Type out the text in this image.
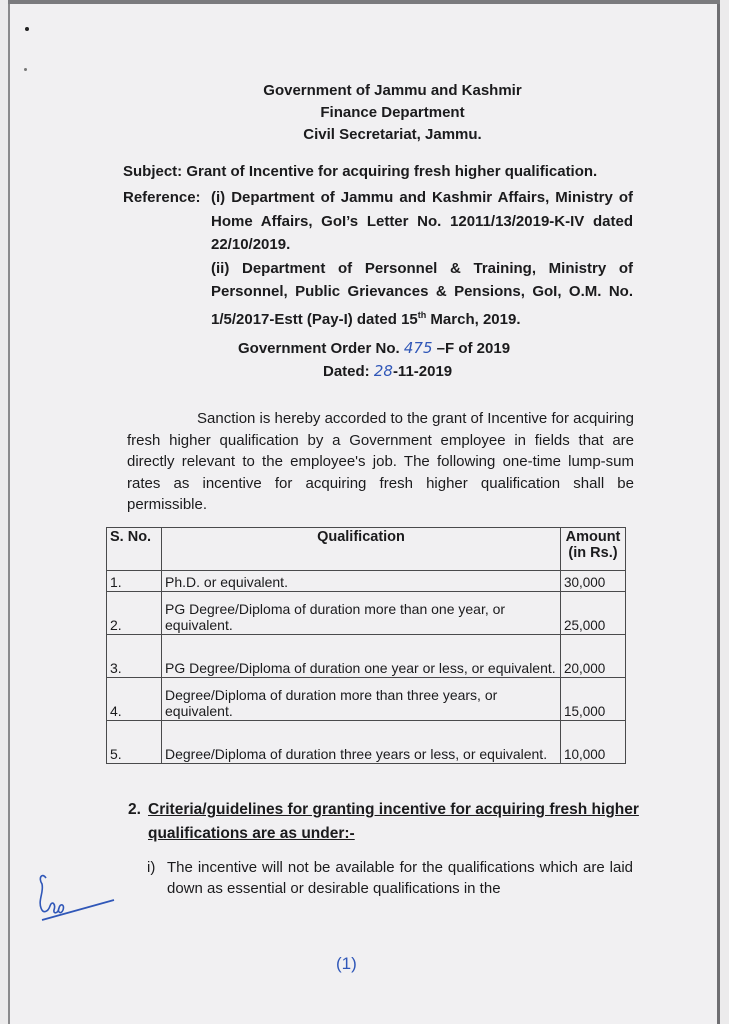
Government of Jammu and Kashmir
Finance Department
Civil Secretariat, Jammu.
Subject: Grant of Incentive for acquiring fresh higher qualification.
Reference: (i) Department of Jammu and Kashmir Affairs, Ministry of Home Affairs, GoI’s Letter No. 12011/13/2019-K-IV dated 22/10/2019.
(ii) Department of Personnel & Training, Ministry of Personnel, Public Grievances & Pensions, GoI, O.M. No. 1/5/2017-Estt (Pay-I) dated 15th March, 2019.
Government Order No. 475 –F of 2019
Dated: 28-11-2019
Sanction is hereby accorded to the grant of Incentive for acquiring fresh higher qualification by a Government employee in fields that are directly relevant to the employee's job. The following one-time lump-sum rates as incentive for acquiring fresh higher qualification shall be permissible.
S. No.	Qualification	Amount (in Rs.)
1.	Ph.D. or equivalent.	30,000
2.	PG Degree/Diploma of duration more than one year, or equivalent.	25,000
3.	PG Degree/Diploma of duration one year or less, or equivalent.	20,000
4.	Degree/Diploma of duration more than three years, or equivalent.	15,000
5.	Degree/Diploma of duration three years or less, or equivalent.	10,000
2. Criteria/guidelines for granting incentive for acquiring fresh higher qualifications are as under:-
i) The incentive will not be available for the qualifications which are laid down as essential or desirable qualifications in the
(1)
